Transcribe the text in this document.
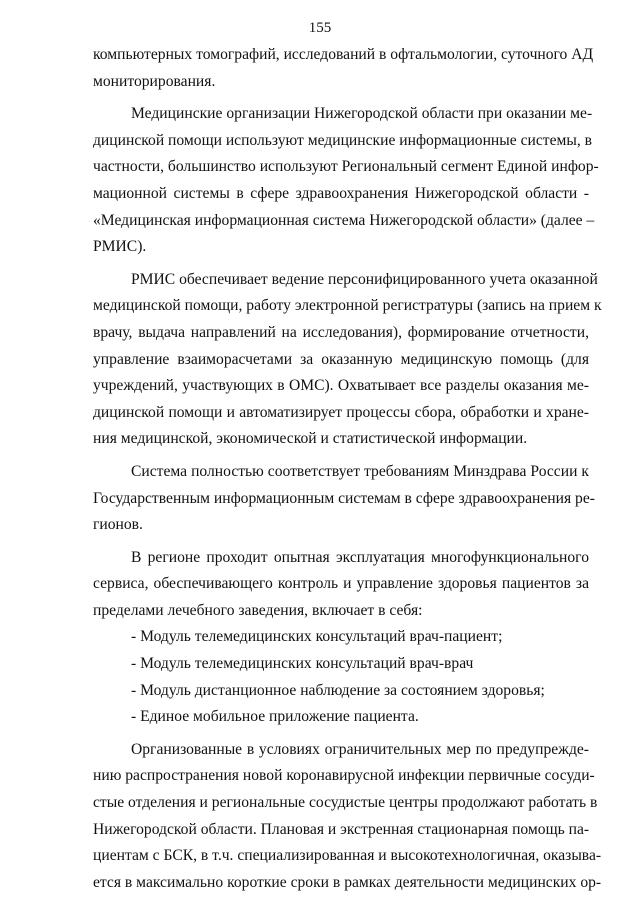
155
компьютерных томографий, исследований в офтальмологии, суточного АД
мониторирования.
Медицинские организации Нижегородской области при оказании ме-
дицинской помощи используют медицинские информационные системы, в
частности, большинство используют Региональный сегмент Единой инфор-
мационной системы в сфере здравоохранения Нижегородской области -
«Медицинская информационная система Нижегородской области» (далее –
РМИС).
РМИС обеспечивает ведение персонифицированного учета оказанной
медицинской помощи, работу электронной регистратуры (запись на прием к
врачу, выдача направлений на исследования), формирование отчетности,
управление взаиморасчетами за оказанную медицинскую помощь (для
учреждений, участвующих в ОМС). Охватывает все разделы оказания ме-
дицинской помощи и автоматизирует процессы сбора, обработки и хране-
ния медицинской, экономической и статистической информации.
Система полностью соответствует требованиям Минздрава России к
Государственным информационным системам в сфере здравоохранения ре-
гионов.
В регионе проходит опытная эксплуатация многофункционального
сервиса, обеспечивающего контроль и управление здоровья пациентов за
пределами лечебного заведения, включает в себя:
- Модуль телемедицинских консультаций врач-пациент;
- Модуль телемедицинских консультаций врач-врач
- Модуль дистанционное наблюдение за состоянием здоровья;
- Единое мобильное приложение пациента.
Организованные в условиях ограничительных мер по предупрежде-
нию распространения новой коронавирусной инфекции первичные сосуди-
стые отделения и региональные сосудистые центры продолжают работать в
Нижегородской области. Плановая и экстренная стационарная помощь па-
циентам с БСК, в т.ч. специализированная и высокотехнологичная, оказыва-
ется в максимально короткие сроки в рамках деятельности медицинских ор-
